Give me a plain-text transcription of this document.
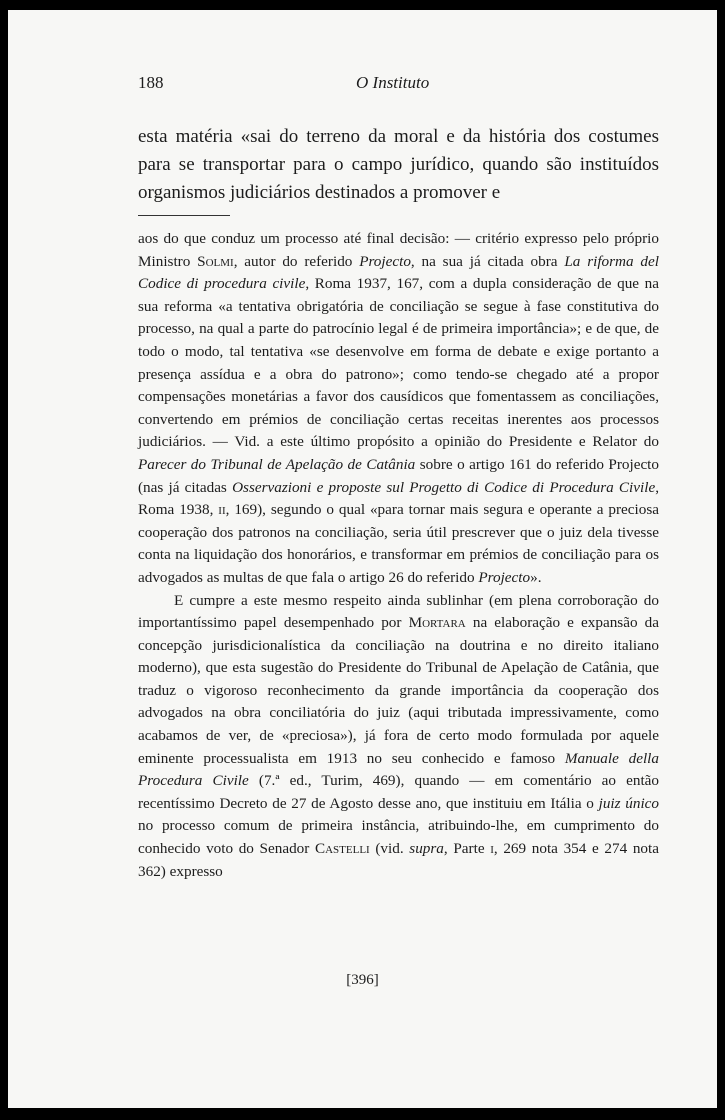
188	O Instituto

esta matéria «sai do terreno da moral e da história dos costumes para se transportar para o campo jurídico, quando são instituídos organismos judiciários destinados a promover e

aos do que conduz um processo até final decisão: — critério expresso pelo próprio Ministro Solmi, autor do referido Projecto, na sua já citada obra La riforma del Codice di procedura civile, Roma 1937, 167, com a dupla consideração de que na sua reforma «a tentativa obrigatória de conciliação se segue à fase constitutiva do processo, na qual a parte do patrocínio legal é de primeira importância»; e de que, de todo o modo, tal tentativa «se desenvolve em forma de debate e exige portanto a presença assídua e a obra do patrono»; como tendo-se chegado até a propor compensações monetárias a favor dos causídicos que fomentassem as conciliações, convertendo em prémios de conciliação certas receitas inerentes aos processos judiciários. — Vid. a este último propósito a opinião do Presidente e Relator do Parecer do Tribunal de Apelação de Catânia sobre o artigo 161 do referido Projecto (nas já citadas Osservazioni e proposte sul Progetto di Codice di Procedura Civile, Roma 1938, ii, 169), segundo o qual «para tornar mais segura e operante a preciosa cooperação dos patronos na conciliação, seria útil prescrever que o juiz dela tivesse conta na liquidação dos honorários, e transformar em prémios de conciliação para os advogados as multas de que fala o artigo 26 do referido Projecto».

E cumpre a este mesmo respeito ainda sublinhar (em plena corroboração do importantíssimo papel desempenhado por Mortara na elaboração e expansão da concepção jurisdicionalística da conciliação na doutrina e no direito italiano moderno), que esta sugestão do Presidente do Tribunal de Apelação de Catânia, que traduz o vigoroso reconhecimento da grande importância da cooperação dos advogados na obra conciliatória do juiz (aqui tributada impressivamente, como acabamos de ver, de «preciosa»), já fora de certo modo formulada por aquele eminente processualista em 1913 no seu conhecido e famoso Manuale della Procedura Civile (7.ª ed., Turim, 469), quando — em comentário ao então recentíssimo Decreto de 27 de Agosto desse ano, que instituiu em Itália o juiz único no processo comum de primeira instância, atribuindo-lhe, em cumprimento do conhecido voto do Senador Castelli (vid. supra, Parte i, 269 nota 354 e 274 nota 362) expresso

[396]
